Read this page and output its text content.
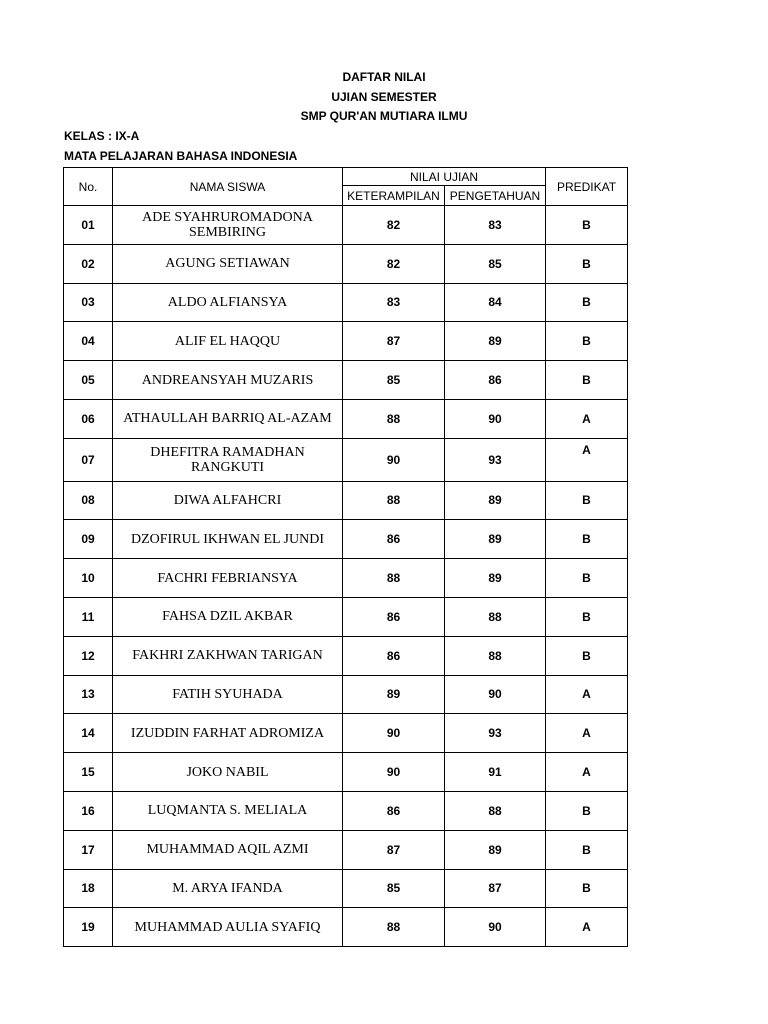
DAFTAR NILAI
UJIAN SEMESTER
SMP QUR'AN MUTIARA ILMU
KELAS : IX-A
MATA PELAJARAN BAHASA INDONESIA
No.	NAMA SISWA	NILAI UJIAN		PREDIKAT
		KETERAMPILAN	PENGETAHUAN	
01	ADE SYAHRUROMADONA SEMBIRING	82	83	B
02	AGUNG SETIAWAN	82	85	B
03	ALDO ALFIANSYA	83	84	B
04	ALIF EL HAQQU	87	89	B
05	ANDREANSYAH MUZARIS	85	86	B
06	ATHAULLAH BARRIQ AL-AZAM	88	90	A
07	DHEFITRA RAMADHAN RANGKUTI	90	93	A
08	DIWA ALFAHCRI	88	89	B
09	DZOFIRUL IKHWAN EL JUNDI	86	89	B
10	FACHRI FEBRIANSYA	88	89	B
11	FAHSA DZIL AKBAR	86	88	B
12	FAKHRI ZAKHWAN TARIGAN	86	88	B
13	FATIH SYUHADA	89	90	A
14	IZUDDIN FARHAT ADROMIZA	90	93	A
15	JOKO NABIL	90	91	A
16	LUQMANTA S. MELIALA	86	88	B
17	MUHAMMAD AQIL AZMI	87	89	B
18	M. ARYA IFANDA	85	87	B
19	MUHAMMAD AULIA SYAFIQ	88	90	A
